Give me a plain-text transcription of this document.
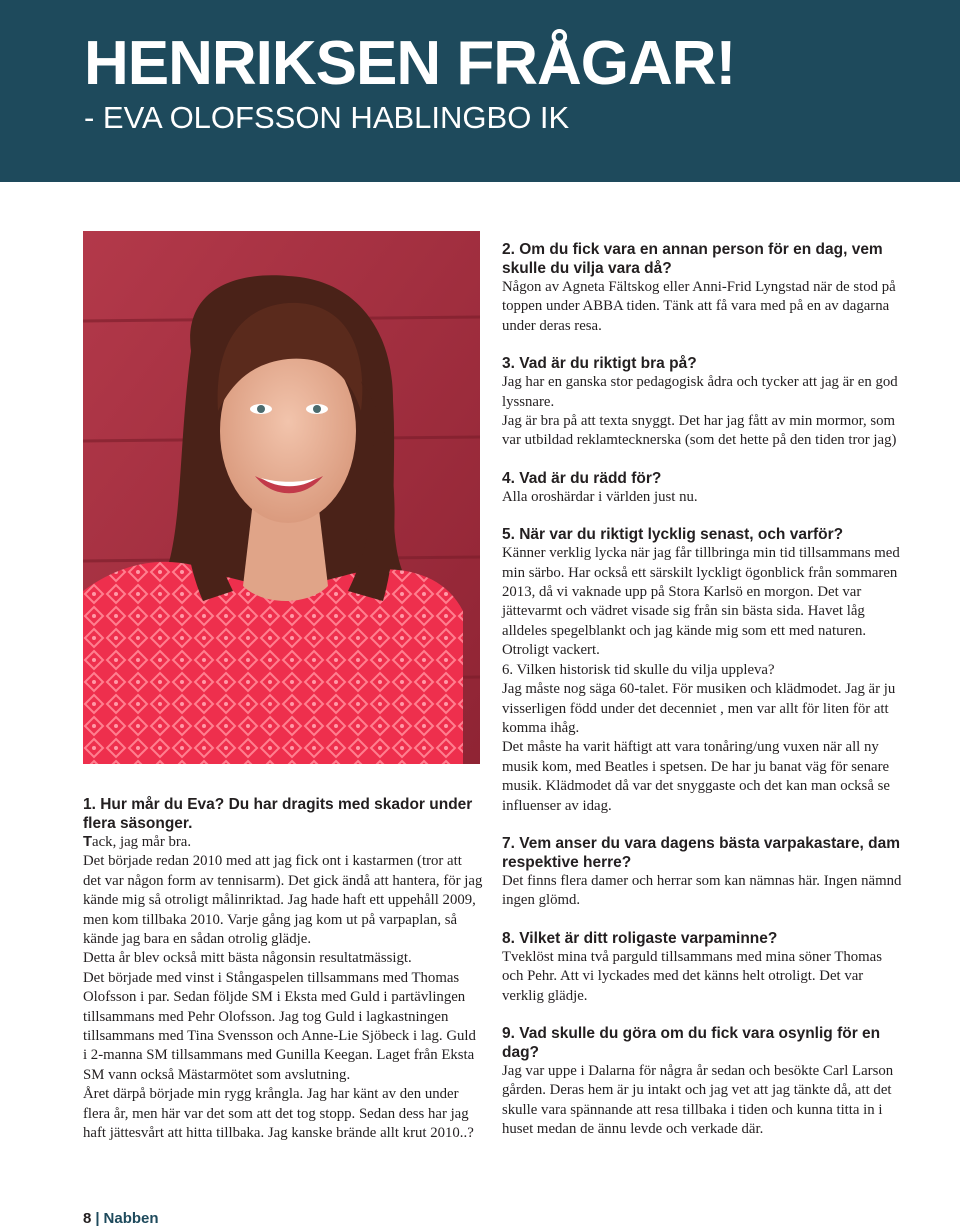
HENRIKSEN FRÅGAR!
- EVA OLOFSSON HABLINGBO IK

1. Hur mår du Eva? Du har dragits med skador under flera säsonger.

Tack, jag mår bra.

Det började redan 2010 med att jag fick ont i kastarmen (tror att det var någon form av tennisarm). Det gick ändå att hantera, för jag kände mig så otroligt målinriktad. Jag hade haft ett uppehåll 2009, men kom tillbaka 2010. Varje gång jag kom ut på varpaplan, så kände jag bara en sådan otrolig glädje.

Detta år blev också mitt bästa någonsin resultatmässigt.

Det började med vinst i Stångaspelen tillsammans med Thomas Olofsson i par. Sedan följde SM i Eksta med Guld i partävlingen tillsammans med Pehr Olofsson. Jag tog Guld i lagkastningen tillsammans med Tina Svensson och Anne-Lie Sjöbeck i lag. Guld i 2-manna SM tillsammans med Gunilla Keegan. Laget från Eksta SM vann också Mästarmötet som avslutning.

Året därpå började min rygg krångla. Jag har känt av den under flera år, men här var det som att det tog stopp. Sedan dess har jag haft jättesvårt att hitta tillbaka. Jag kanske brände allt krut 2010..?

2. Om du fick vara en annan person för en dag, vem skulle du vilja vara då?

Någon av Agneta Fältskog eller Anni-Frid Lyngstad när de stod på toppen under ABBA tiden. Tänk att få vara med på en av dagarna under deras resa.

3. Vad är du riktigt bra på?

Jag har en ganska stor pedagogisk ådra och tycker att jag är en god lyssnare.

Jag är bra på att texta snyggt. Det har jag fått av min mormor, som var utbildad reklamtecknerska (som det hette på den tiden tror jag)

4. Vad är du rädd för?

Alla oroshärdar i världen just nu.

5. När var du riktigt lycklig senast, och varför?

Känner verklig lycka när jag får tillbringa min tid tillsammans med min särbo. Har också ett särskilt lyckligt ögonblick från sommaren 2013, då vi vaknade upp på Stora Karlsö en morgon. Det var jättevarmt och vädret visade sig från sin bästa sida. Havet låg alldeles spegelblankt och jag kände mig som ett med naturen. Otroligt vackert.

6. Vilken historisk tid skulle du vilja uppleva?

Jag måste nog säga 60-talet. För musiken och klädmodet. Jag är ju visserligen född under det decenniet , men var allt för liten för att komma ihåg.

Det måste ha varit häftigt att vara tonåring/ung vuxen när all ny musik kom, med Beatles i spetsen. De har ju banat väg för senare musik. Klädmodet då var det snyggaste och det kan man också se influenser av idag.

7. Vem anser du vara dagens bästa varpakastare, dam respektive herre?

Det finns flera damer och herrar som kan nämnas här. Ingen nämnd ingen glömd.

8. Vilket är ditt roligaste varpaminne?

Tveklöst mina två parguld tillsammans med mina söner Thomas och Pehr. Att vi lyckades med det känns helt otroligt. Det var verklig glädje.

9. Vad skulle du göra om du fick vara osynlig för en dag?

Jag var uppe i Dalarna för några år sedan och besökte Carl Larson gården. Deras hem är ju intakt och jag vet att jag tänkte då, att det skulle vara spännande att resa tillbaka i tiden och kunna titta in i huset medan de ännu levde och verkade där.

8 | Nabben
